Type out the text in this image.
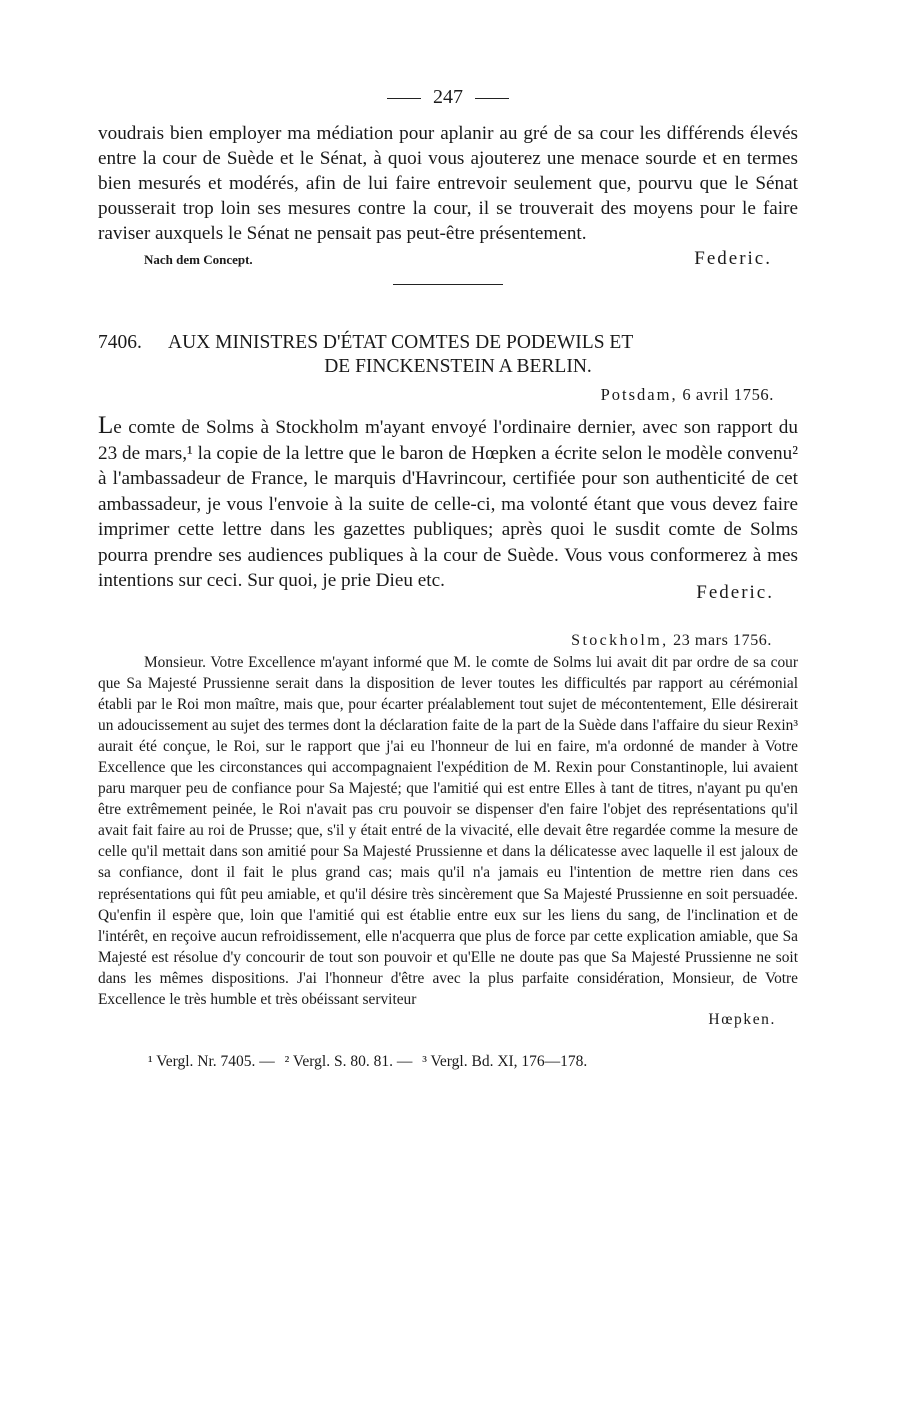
247

voudrais bien employer ma médiation pour aplanir au gré de sa cour les différends élevés entre la cour de Suède et le Sénat, à quoi vous ajouterez une menace sourde et en termes bien mesurés et modérés, afin de lui faire entrevoir seulement que, pourvu que le Sénat pousserait trop loin ses mesures contre la cour, il se trouverait des moyens pour le faire raviser auxquels le Sénat ne pensait pas peut-être présentement.

Nach dem Concept.	Federic.
7406. AUX MINISTRES D'ÉTAT COMTES DE PODEWILS ET
DE FINCKENSTEIN A BERLIN.
Potsdam, 6 avril 1756.

Le comte de Solms à Stockholm m'ayant envoyé l'ordinaire dernier, avec son rapport du 23 de mars,¹ la copie de la lettre que le baron de Hœpken a écrite selon le modèle convenu² à l'ambassadeur de France, le marquis d'Havrincour, certifiée pour son authenticité de cet ambassadeur, je vous l'envoie à la suite de celle-ci, ma volonté étant que vous devez faire imprimer cette lettre dans les gazettes publiques; après quoi le susdit comte de Solms pourra prendre ses audiences publiques à la cour de Suède. Vous vous conformerez à mes intentions sur ceci. Sur quoi, je prie Dieu etc.

Federic.
Stockholm, 23 mars 1756.

Monsieur. Votre Excellence m'ayant informé que M. le comte de Solms lui avait dit par ordre de sa cour que Sa Majesté Prussienne serait dans la disposition de lever toutes les difficultés par rapport au cérémonial établi par le Roi mon maître, mais que, pour écarter préalablement tout sujet de mécontentement, Elle désirerait un adoucissement au sujet des termes dont la déclaration faite de la part de la Suède dans l'affaire du sieur Rexin³ aurait été conçue, le Roi, sur le rapport que j'ai eu l'honneur de lui en faire, m'a ordonné de mander à Votre Excellence que les circonstances qui accompagnaient l'expédition de M. Rexin pour Constantinople, lui avaient paru marquer peu de confiance pour Sa Majesté; que l'amitié qui est entre Elles à tant de titres, n'ayant pu qu'en être extrêmement peinée, le Roi n'avait pas cru pouvoir se dispenser d'en faire l'objet des représentations qu'il avait fait faire au roi de Prusse; que, s'il y était entré de la vivacité, elle devait être regardée comme la mesure de celle qu'il mettait dans son amitié pour Sa Majesté Prussienne et dans la délicatesse avec laquelle il est jaloux de sa confiance, dont il fait le plus grand cas; mais qu'il n'a jamais eu l'intention de mettre rien dans ces représentations qui fût peu amiable, et qu'il désire très sincèrement que Sa Majesté Prussienne en soit persuadée. Qu'enfin il espère que, loin que l'amitié qui est établie entre eux sur les liens du sang, de l'inclination et de l'intérêt, en reçoive aucun refroidissement, elle n'acquerra que plus de force par cette explication amiable, que Sa Majesté est résolue d'y concourir de tout son pouvoir et qu'Elle ne doute pas que Sa Majesté Prussienne ne soit dans les mêmes dispositions. J'ai l'honneur d'être avec la plus parfaite considération, Monsieur, de Votre Excellence le très humble et très obéissant serviteur

Hœpken.
¹ Vergl. Nr. 7405. — ² Vergl. S. 80. 81. — ³ Vergl. Bd. XI, 176—178.
